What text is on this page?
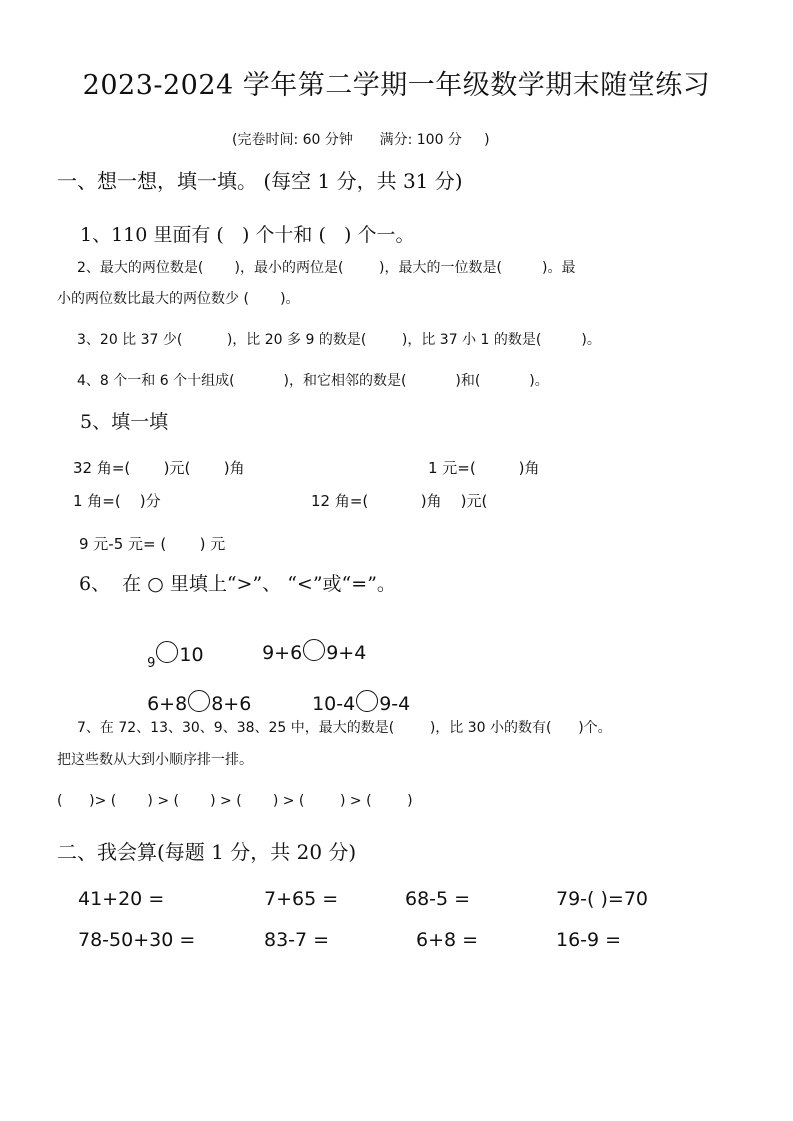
2023-2024 学年第二学期一年级数学期末随堂练习
(完卷时间: 60 分钟      满分: 100 分     )
一、想一想，填一填。 (每空 1 分，共 31 分)
1、110 里面有 (   ) 个十和 (   ) 个一。
2、最大的两位数是(       )，最小的两位是(        )，最大的一位数是(         )。最
小的两位数比最大的两位数少 (       )。
3、20 比 37 少(          )，比 20 多 9 的数是(        )，比 37 小 1 的数是(         )。
4、8 个一和 6 个十组成(           )，和它相邻的数是(           )和(           )。
5、填一填
32 角=(       )元(       )角	1 元=(         )角
1 角=(    )分	12 角=(           )角    )元(
9 元-5 元= (       ) 元
6、  在 ○ 里填上“>”、 “<”或“=”。

$_9$ 10	9+6 9+4

6+8 8+6	10-4 9-4

7、在 72、13、30、9、38、25 中，最大的数是(        )，比 30 小的数有(      )个。
把这些数从大到小顺序排一排。
(      )> (       ) > (       ) > (       ) > (        ) > (        )
二、我会算(每题 1 分，共 20 分)
41+20 =	7+65 =	68-5 =	79-( )=70
78-50+30 =	83-7 =	6+8 =	16-9 =
